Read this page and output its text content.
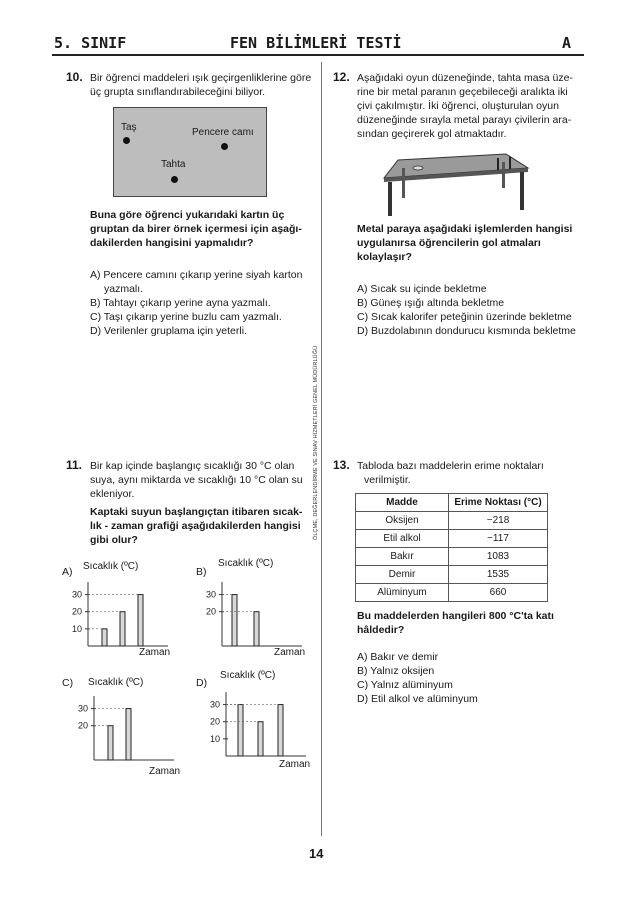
5. SINIF	FEN BİLİMLERİ TESTİ	A
ÖLÇME, DEĞERLENDİRME VE SINAV HİZMETLERİ GENEL MÜDÜRLÜĞÜ
10. Bir öğrenci maddeleri ışık geçirgenliklerine göre
üç grupta sınıflandırabileceğini biliyor.
Taş	Pencere camı
Tahta
Buna göre öğrenci yukarıdaki kartın üç
gruptan da birer örnek içermesi için aşağı-
dakilerden hangisini yapmalıdır?
A) Pencere camını çıkarıp yerine siyah karton
yazmalı.
B) Tahtayı çıkarıp yerine ayna yazmalı.
C) Taşı çıkarıp yerine buzlu cam yazmalı.
D) Verilenler gruplama için yeterli.
12. Aşağıdaki oyun düzeneğinde, tahta masa üze-
rine bir metal paranın geçebileceği aralıkta iki
çivi çakılmıştır. İki öğrenci, oluşturulan oyun
düzeneğinde sırayla metal parayı çivilerin ara-
sından geçirerek gol atmaktadır.
Metal paraya aşağıdaki işlemlerden hangisi
uygulanırsa öğrencilerin gol atmaları
kolaylaşır?
A) Sıcak su içinde bekletme
B) Güneş ışığı altında bekletme
C) Sıcak kalorifer peteğinin üzerinde bekletme
D) Buzdolabının dondurucu kısmında bekletme
11. Bir kap içinde başlangıç sıcaklığı 30 °C olan
suya, aynı miktarda ve sıcaklığı 10 °C olan su
ekleniyor.
Kaptaki suyun başlangıçtan itibaren sıcak-
lık - zaman grafiği aşağıdakilerden hangisi
gibi olur?
A) Sıcaklık (ºC)
Zaman
10
20
30
B)
Sıcaklık (ºC)
Zaman
20
30
C) Sıcaklık (ºC)
Zaman
20
30
D)
Sıcaklık (ºC)
Zaman
10
20
30
13. Tabloda bazı maddelerin erime noktaları
verilmiştir.
Madde	Erime Noktası (°C)
Oksijen	−218
Etil alkol	−117
Bakır	1083
Demir	1535
Alüminyum	660
Bu maddelerden hangileri 800 °C'ta katı
hâldedir?
A) Bakır ve demir
B) Yalnız oksijen
C) Yalnız alüminyum
D) Etil alkol ve alüminyum
14
